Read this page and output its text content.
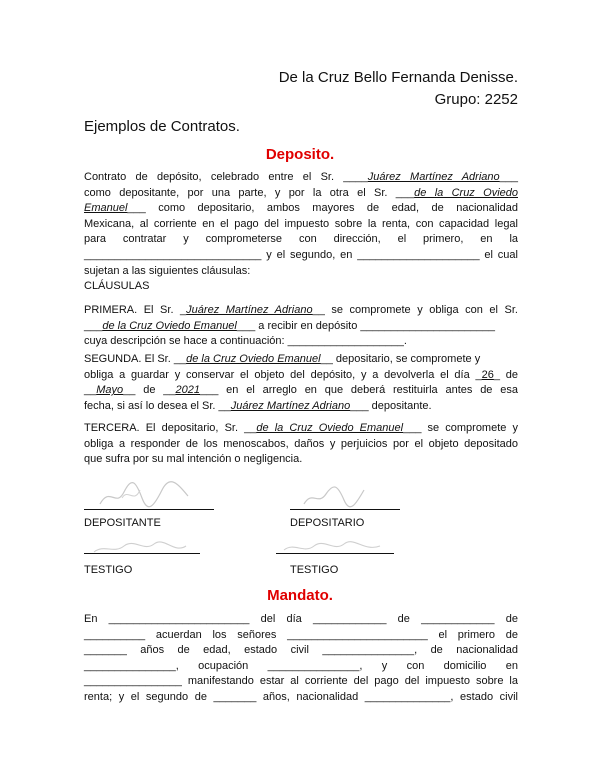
De la Cruz Bello Fernanda Denisse.
Grupo: 2252
Ejemplos de Contratos.
Deposito.
Contrato de depósito, celebrado entre el Sr. ____Juárez Martínez Adriano___
como depositante, por una parte, y por la otra el Sr. ___de la Cruz Oviedo
Emanuel___ como depositario, ambos mayores de edad, de nacionalidad
Mexicana, al corriente en el pago del impuesto sobre la renta, con capacidad legal
para contratar y comprometerse con dirección, el primero, en la
_____________________________ y el segundo, en ____________________ el cual
sujetan a las siguientes cláusulas:
CLÁUSULAS
PRIMERA. El Sr. _Juárez Martínez Adriano__ se compromete y obliga con el Sr.
___de la Cruz Oviedo Emanuel___ a recibir en depósito ______________________
cuya descripción se hace a continuación: ___________________.
SEGUNDA. El Sr. __de la Cruz Oviedo Emanuel__ depositario, se compromete y
obliga a guardar y conservar el objeto del depósito, y a devolverla el día _26_ de
__Mayo__ de __2021___ en el arreglo en que deberá restituirla antes de esa
fecha, si así lo desea el Sr. __Juárez Martínez Adriano___ depositante.
TERCERA. El depositario, Sr. __de la Cruz Oviedo Emanuel___ se compromete y
obliga a responder de los menoscabos, daños y perjuicios por el objeto depositado
que sufra por su mal intención o negligencia.
DEPOSITANTE	DEPOSITARIO
TESTIGO	TESTIGO
Mandato.
En _______________________ del día ____________ de ____________ de
__________ acuerdan los señores _______________________ el primero de
_______ años de edad, estado civil _______________, de nacionalidad
_______________, ocupación _______________, y con domicilio en
________________ manifestando estar al corriente del pago del impuesto sobre la
renta; y el segundo de _______ años, nacionalidad ______________, estado civil
